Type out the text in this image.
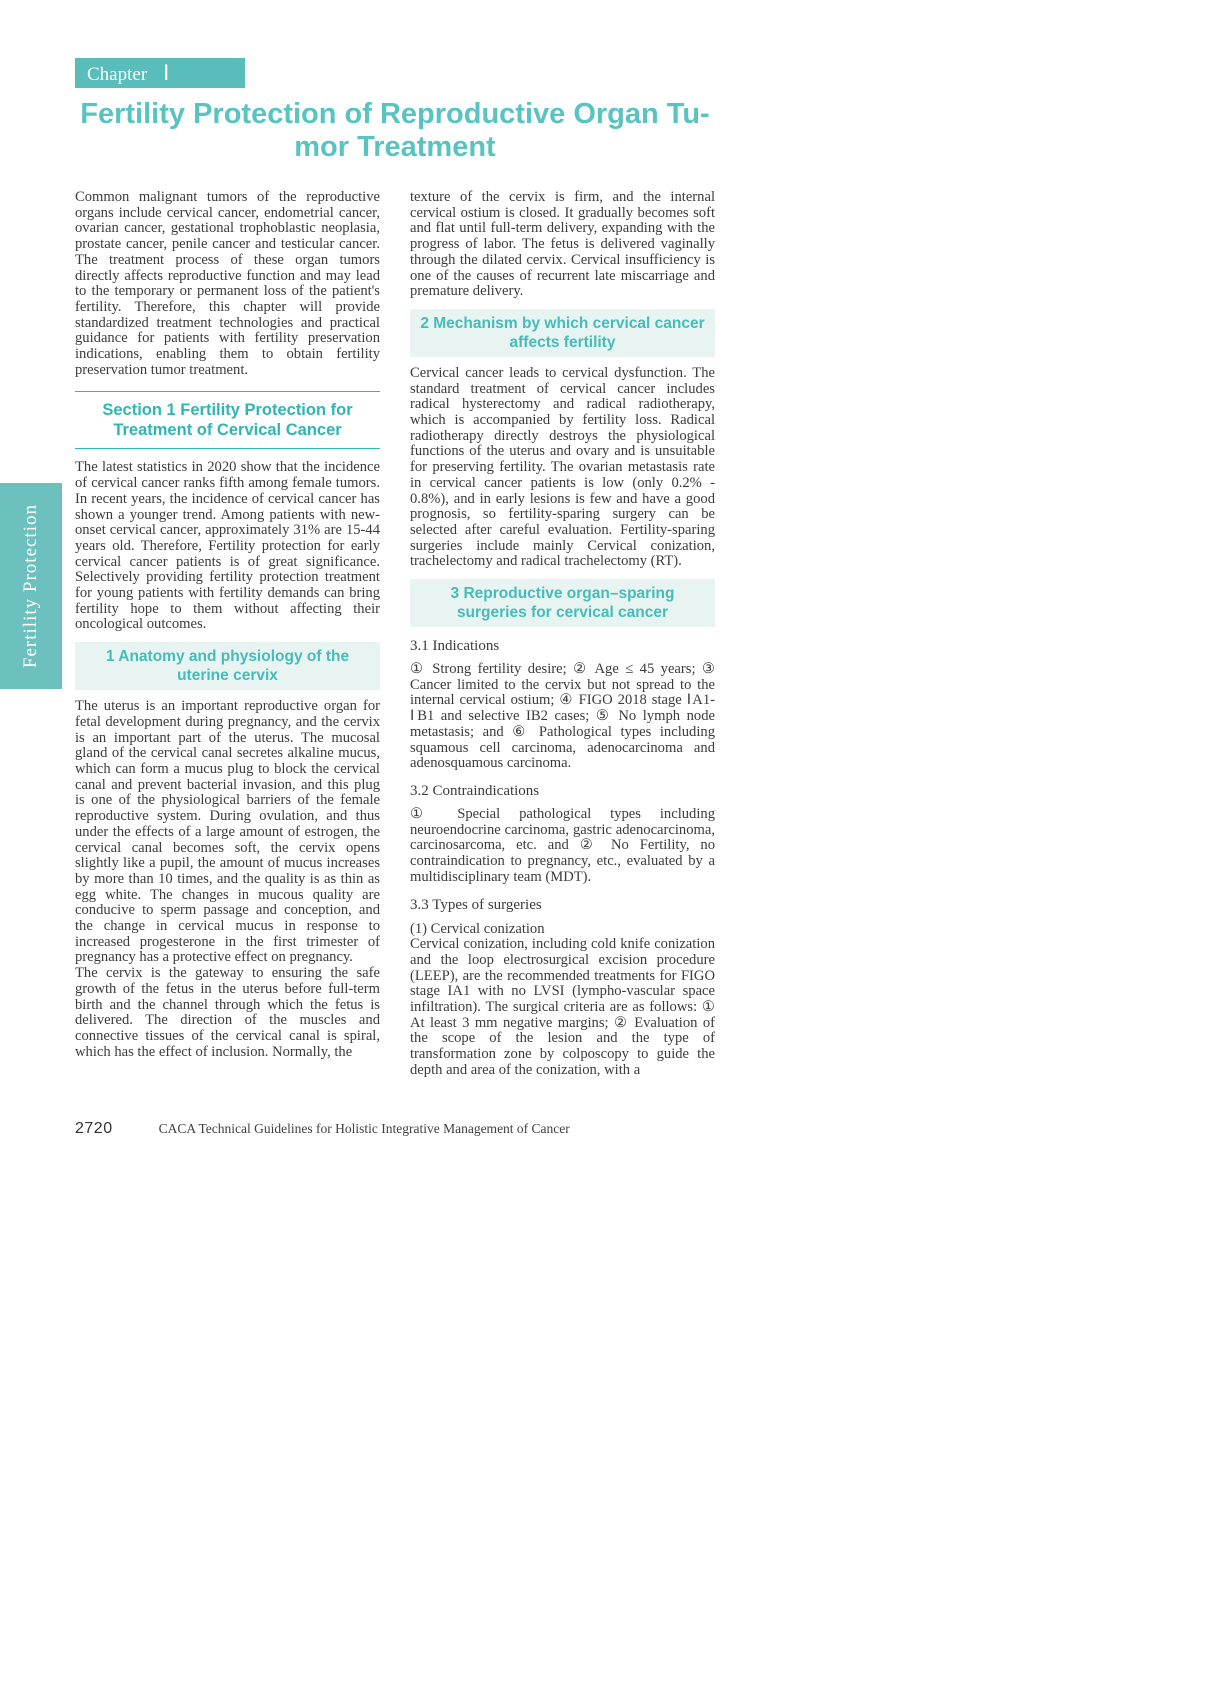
Fertility Protection
Chapter Ⅰ
Fertility Protection of Reproductive Organ Tu-
mor Treatment

Common malignant tumors of the reproductive organs include cervical cancer, endometrial cancer, ovarian cancer, gestational trophoblastic neoplasia, prostate cancer, penile cancer and testicular cancer. The treatment process of these organ tumors directly affects reproductive function and may lead to the temporary or permanent loss of the patient's fertility. Therefore, this chapter will provide standardized treatment technologies and practical guidance for patients with fertility preservation indications, enabling them to obtain fertility preservation tumor treatment.

Section 1 Fertility Protection for Treatment of Cervical Cancer

The latest statistics in 2020 show that the incidence of cervical cancer ranks fifth among female tumors. In recent years, the incidence of cervical cancer has shown a younger trend. Among patients with new-onset cervical cancer, approximately 31% are 15-44 years old. Therefore, Fertility protection for early cervical cancer patients is of great significance. Selectively providing fertility protection treatment for young patients with fertility demands can bring fertility hope to them without affecting their oncological outcomes.

1 Anatomy and physiology of the uterine cervix

The uterus is an important reproductive organ for fetal development during pregnancy, and the cervix is an important part of the uterus. The mucosal gland of the cervical canal secretes alkaline mucus, which can form a mucus plug to block the cervical canal and prevent bacterial invasion, and this plug is one of the physiological barriers of the female reproductive system. During ovulation, and thus under the effects of a large amount of estrogen, the cervical canal becomes soft, the cervix opens slightly like a pupil, the amount of mucus increases by more than 10 times, and the quality is as thin as egg white. The changes in mucous quality are conducive to sperm passage and conception, and the change in cervical mucus in response to increased progesterone in the first trimester of pregnancy has a protective effect on pregnancy.

The cervix is the gateway to ensuring the safe growth of the fetus in the uterus before full-term birth and the channel through which the fetus is delivered. The direction of the muscles and connective tissues of the cervical canal is spiral, which has the effect of inclusion. Normally, the

texture of the cervix is firm, and the internal cervical ostium is closed. It gradually becomes soft and flat until full-term delivery, expanding with the progress of labor. The fetus is delivered vaginally through the dilated cervix. Cervical insufficiency is one of the causes of recurrent late miscarriage and premature delivery.

2 Mechanism by which cervical cancer affects fertility

Cervical cancer leads to cervical dysfunction. The standard treatment of cervical cancer includes radical hysterectomy and radical radiotherapy, which is accompanied by fertility loss. Radical radiotherapy directly destroys the physiological functions of the uterus and ovary and is unsuitable for preserving fertility. The ovarian metastasis rate in cervical cancer patients is low (only 0.2% - 0.8%), and in early lesions is few and have a good prognosis, so fertility-sparing surgery can be selected after careful evaluation. Fertility-sparing surgeries include mainly Cervical conization, trachelectomy and radical trachelectomy (RT).

3 Reproductive organ–sparing surgeries for cervical cancer
3.1 Indications

① Strong fertility desire; ② Age ≤ 45 years; ③ Cancer limited to the cervix but not spread to the internal cervical ostium; ④ FIGO 2018 stage ⅠA1-ⅠB1 and selective IB2 cases; ⑤ No lymph node metastasis; and ⑥ Pathological types including squamous cell carcinoma, adenocarcinoma and adenosquamous carcinoma.

3.2 Contraindications

① Special pathological types including neuroendocrine carcinoma, gastric adenocarcinoma, carcinosarcoma, etc. and ② No Fertility, no contraindication to pregnancy, etc., evaluated by a multidisciplinary team (MDT).

3.3 Types of surgeries

(1) Cervical conization

Cervical conization, including cold knife conization and the loop electrosurgical excision procedure (LEEP), are the recommended treatments for FIGO stage IA1 with no LVSI (lympho-vascular space infiltration). The surgical criteria are as follows: ① At least 3 mm negative margins; ② Evaluation of the scope of the lesion and the type of transformation zone by colposcopy to guide the depth and area of the conization, with a

2720	CACA Technical Guidelines for Holistic Integrative Management of Cancer
